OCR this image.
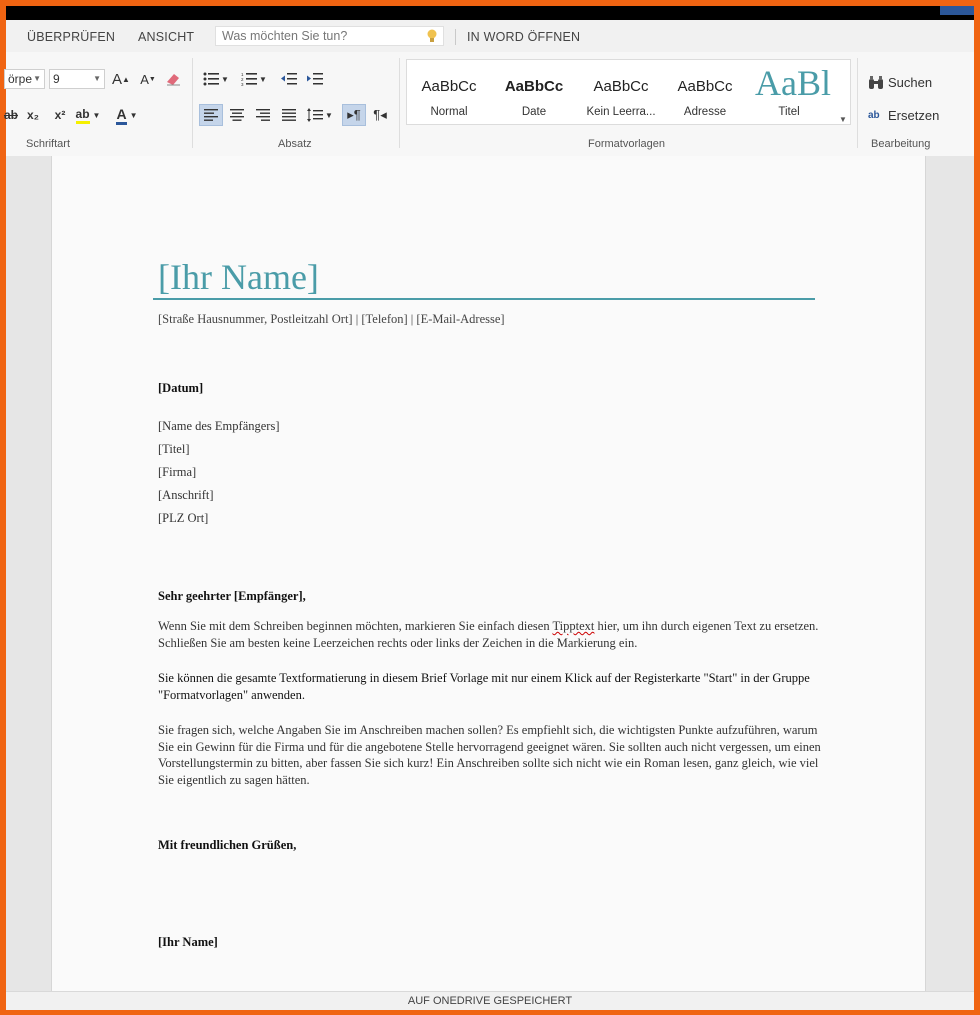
ÜBERPRÜFEN ANSICHT
Was möchten Sie tun?	IN WORD ÖFFNEN
örpe ▼	9	▼ A ▲ A ▼
ab x₂ x² ab ▼ A ▼
Schriftart
▼	1
2
3
▼
▼ ▸¶ ¶◂
Absatz
AaBbCc
Normal
AaBbCc
Date
AaBbCc
Kein Leerra...
AaBbCc
Adresse
AaBl
Titel
▼
Formatvorlagen
Suchen
ab Ersetzen
Bearbeitung
[Ihr Name]
[Straße Hausnummer, Postleitzahl Ort] | [Telefon] | [E-Mail-Adresse]
[Datum]
[Name des Empfängers]
[Titel]
[Firma]
[Anschrift]
[PLZ Ort]
Sehr geehrter [Empfänger],
Wenn Sie mit dem Schreiben beginnen möchten, markieren Sie einfach diesen Tipptext hier, um ihn durch eigenen Text zu ersetzen. Schließen Sie am besten keine Leerzeichen rechts oder links der Zeichen in die Markierung ein.
Sie können die gesamte Textformatierung in diesem Brief Vorlage mit nur einem Klick auf der Registerkarte "Start" in der Gruppe "Formatvorlagen" anwenden.
Sie fragen sich, welche Angaben Sie im Anschreiben machen sollen? Es empfiehlt sich, die wichtigsten Punkte aufzuführen, warum Sie ein Gewinn für die Firma und für die angebotene Stelle hervorragend geeignet wären. Sie sollten auch nicht vergessen, um einen Vorstellungstermin zu bitten, aber fassen Sie sich kurz! Ein Anschreiben sollte sich nicht wie ein Roman lesen, ganz gleich, wie viel Sie eigentlich zu sagen hätten.
Mit freundlichen Grüßen,
[Ihr Name]
AUF ONEDRIVE GESPEICHERT
